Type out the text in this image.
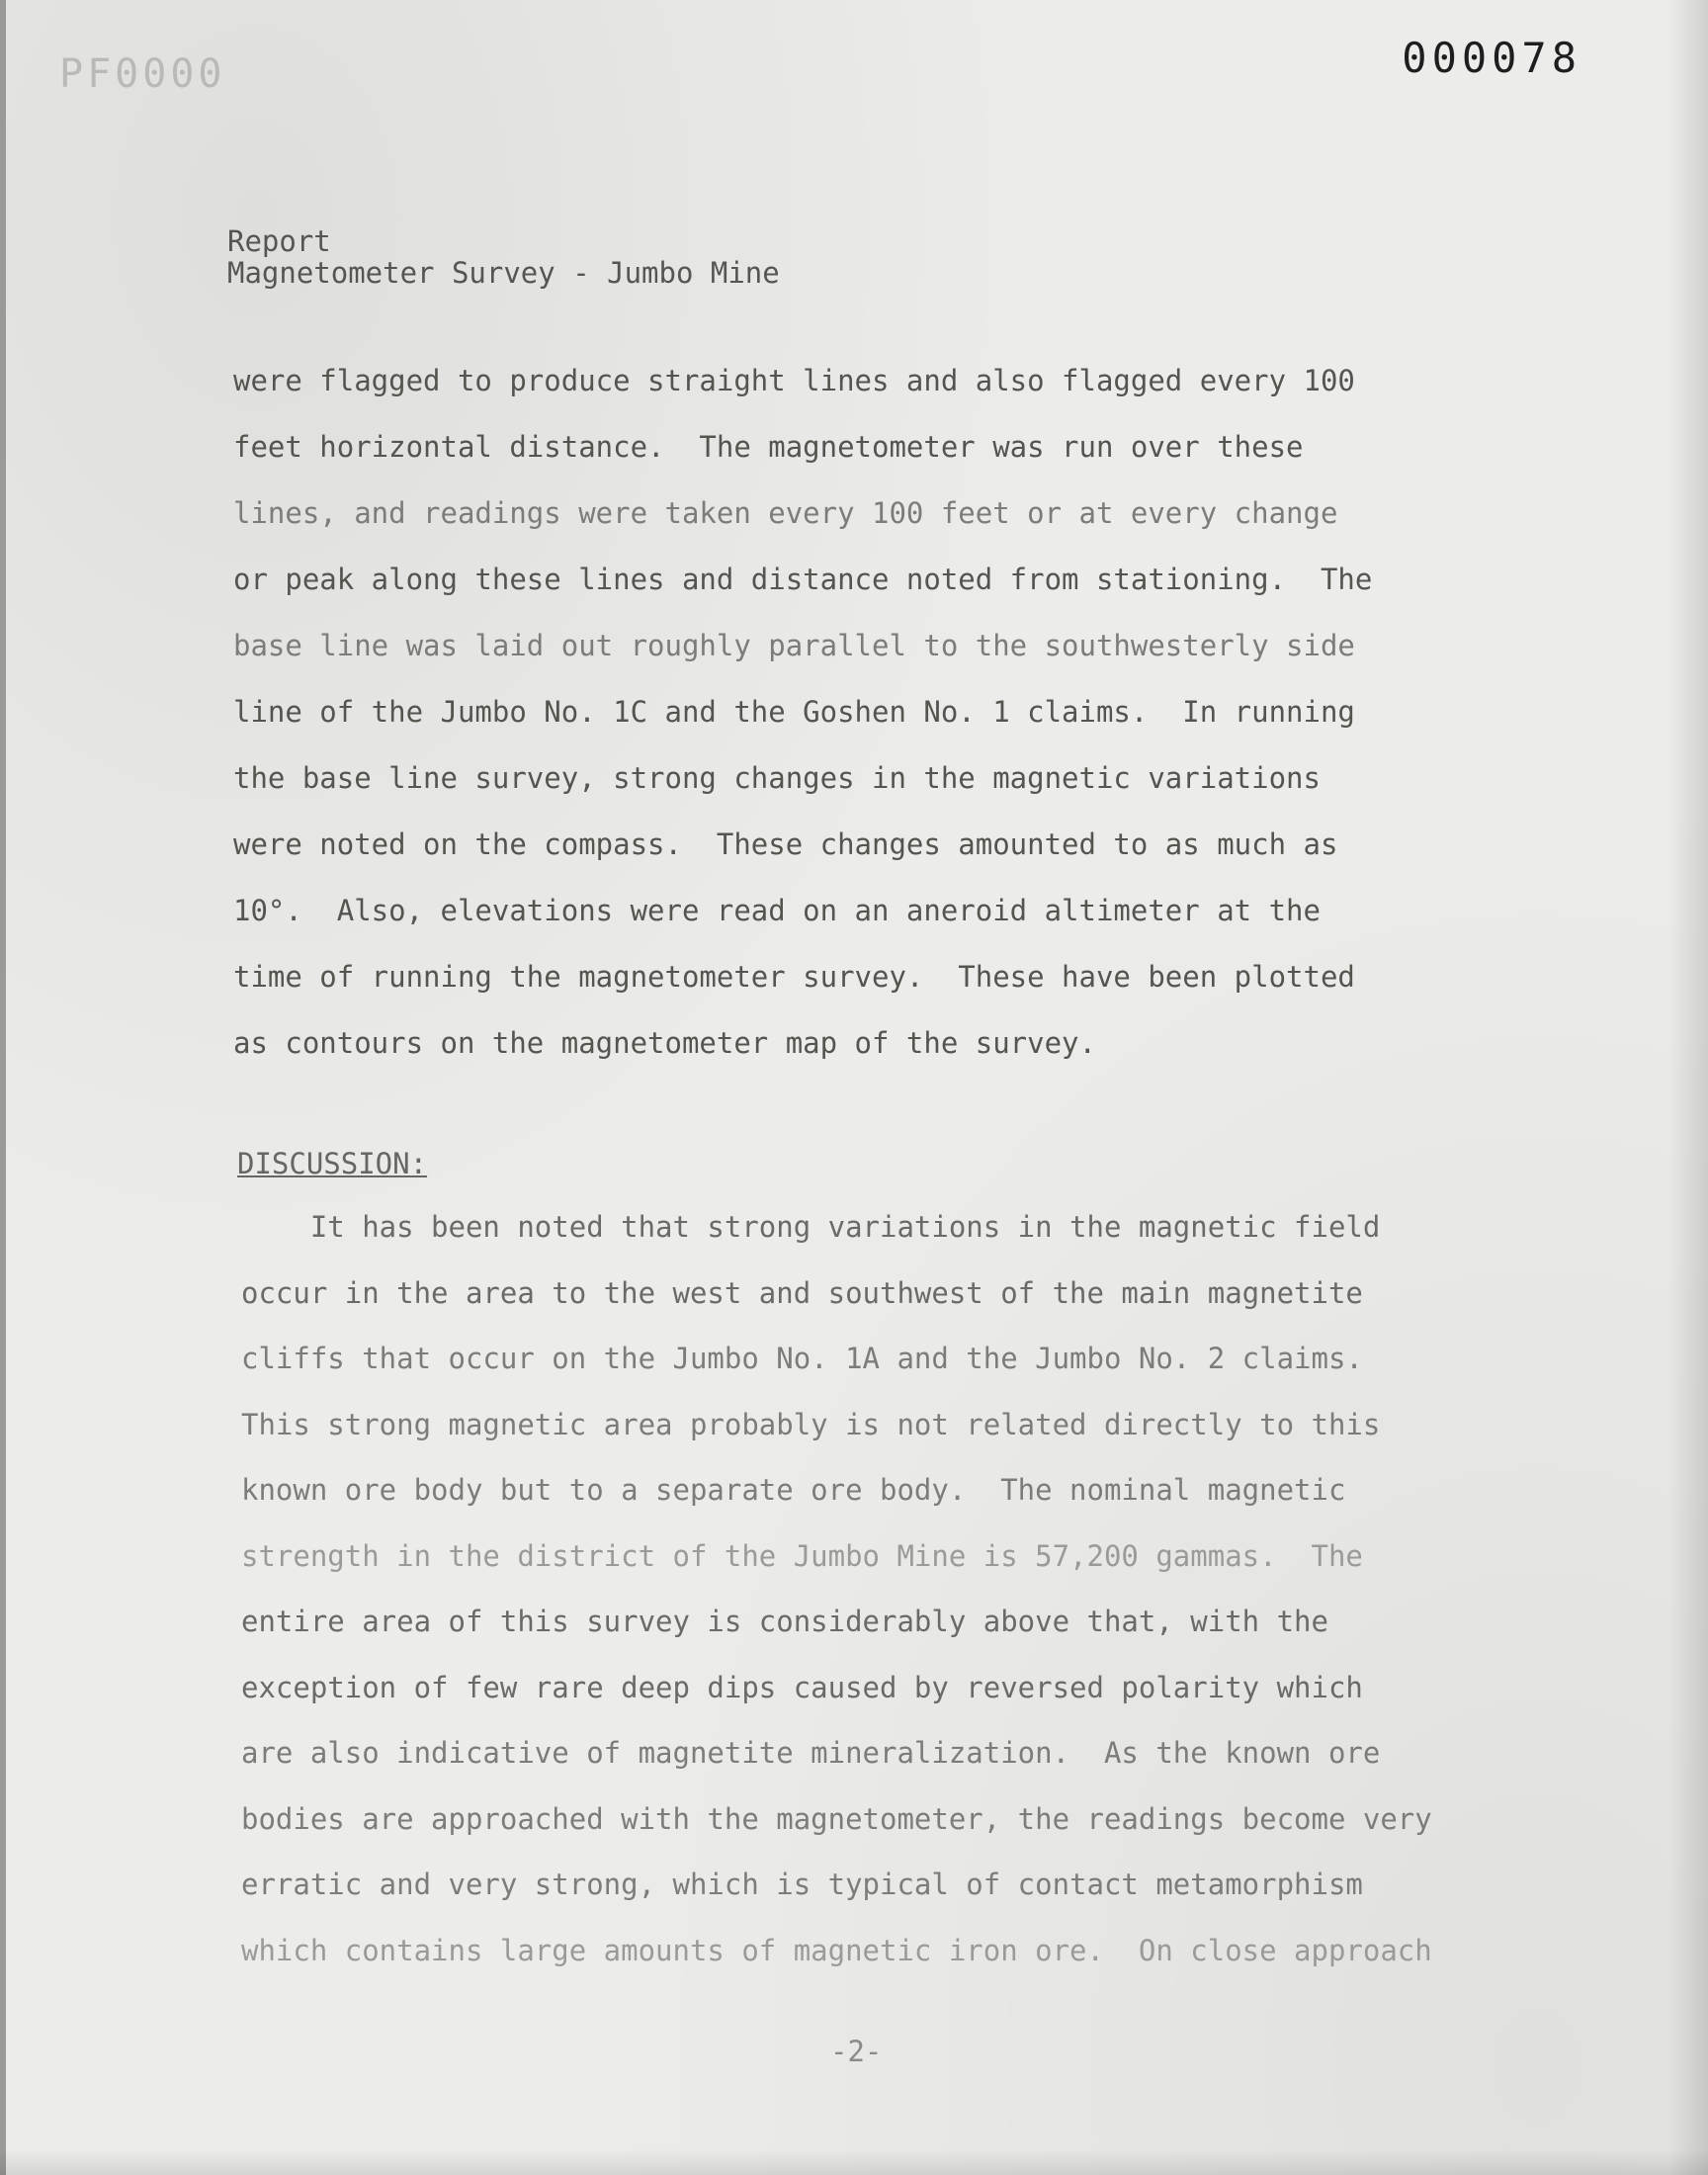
PF0000	000078
Report
Magnetometer Survey - Jumbo Mine
were flagged to produce straight lines and also flagged every 100
feet horizontal distance.  The magnetometer was run over these
lines, and readings were taken every 100 feet or at every change
or peak along these lines and distance noted from stationing.  The
base line was laid out roughly parallel to the southwesterly side
line of the Jumbo No. 1C and the Goshen No. 1 claims.  In running
the base line survey, strong changes in the magnetic variations
were noted on the compass.  These changes amounted to as much as
10°.  Also, elevations were read on an aneroid altimeter at the
time of running the magnetometer survey.  These have been plotted
as contours on the magnetometer map of the survey.
DISCUSSION:
It has been noted that strong variations in the magnetic field
occur in the area to the west and southwest of the main magnetite
cliffs that occur on the Jumbo No. 1A and the Jumbo No. 2 claims.
This strong magnetic area probably is not related directly to this
known ore body but to a separate ore body.  The nominal magnetic
strength in the district of the Jumbo Mine is 57,200 gammas.  The
entire area of this survey is considerably above that, with the
exception of few rare deep dips caused by reversed polarity which
are also indicative of magnetite mineralization.  As the known ore
bodies are approached with the magnetometer, the readings become very
erratic and very strong, which is typical of contact metamorphism
which contains large amounts of magnetic iron ore.  On close approach
-2-
